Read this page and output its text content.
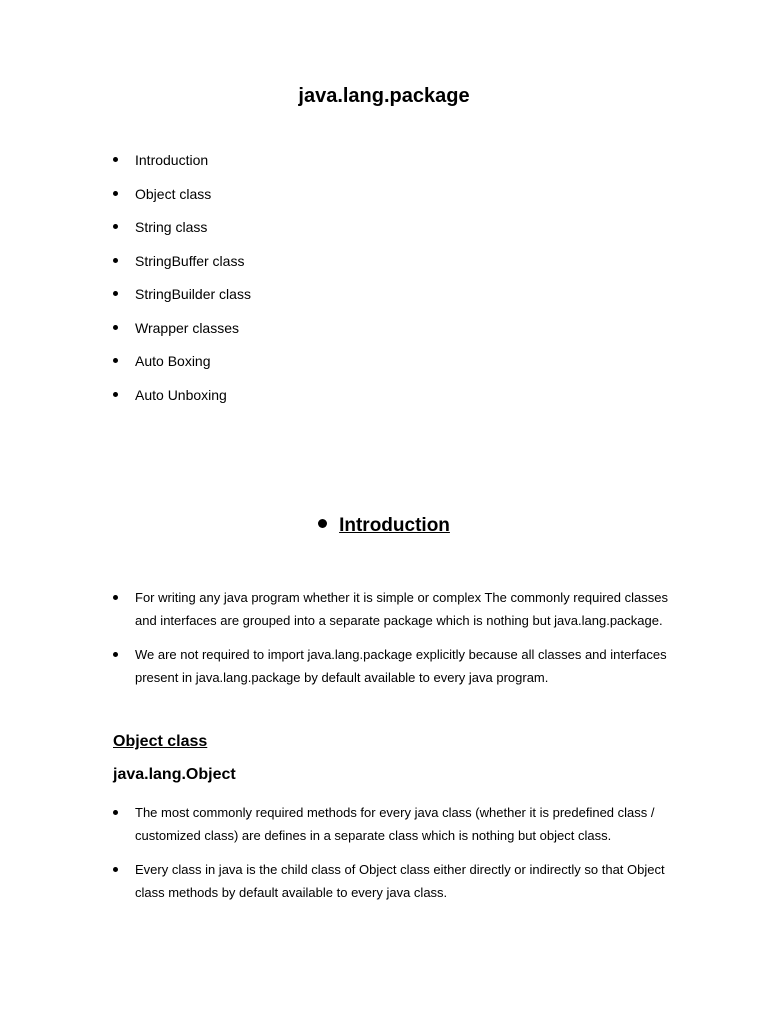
java.lang.package
Introduction
Object class
String class
StringBuffer class
StringBuilder class
Wrapper classes
Auto Boxing
Auto Unboxing
Introduction
For writing any java program whether it is simple or complex The commonly required classes and interfaces are grouped into a separate package which is nothing but java.lang.package.
We are not required to import java.lang.package explicitly because all classes and interfaces present in java.lang.package by default available to every java program.
Object class
java.lang.Object
The most commonly required methods for every java class (whether it is predefined class / customized class) are defines in a separate class which is nothing but object class.
Every class in java is the child class of Object class either directly or indirectly so that Object class methods by default available to every java class.
